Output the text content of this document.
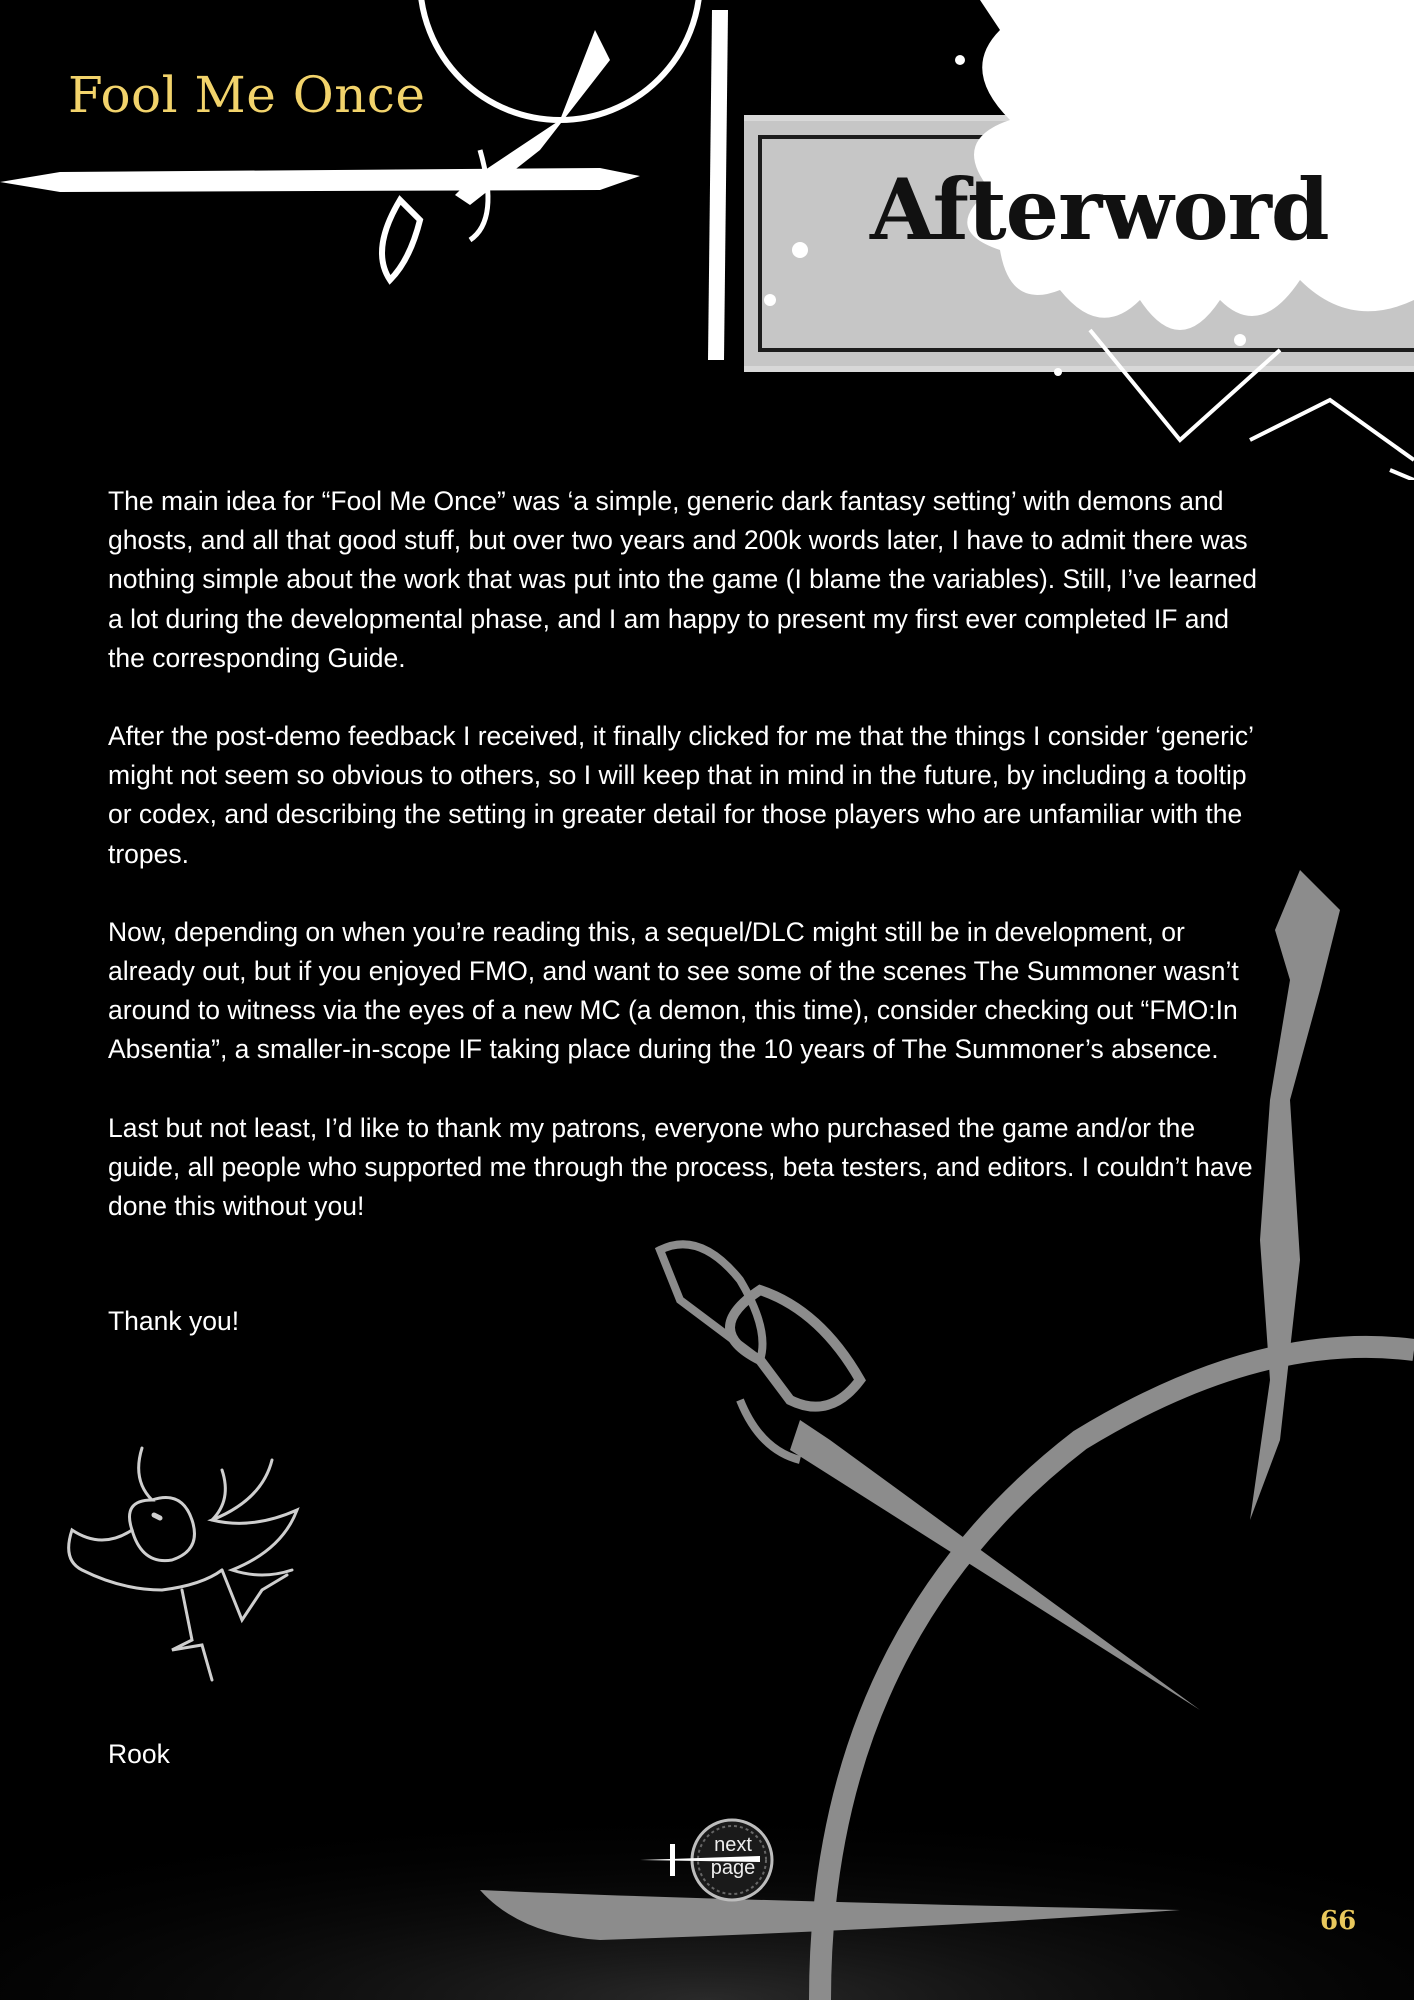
Fool Me Once
Afterword

The main idea for “Fool Me Once” was ‘a simple, generic dark fantasy setting’ with demons and ghosts, and all that good stuff, but over two years and 200k words later, I have to admit there was nothing simple about the work that was put into the game (I blame the variables). Still, I’ve learned a lot during the developmental phase, and I am happy to present my first ever completed IF and the corresponding Guide.

After the post-demo feedback I received, it finally clicked for me that the things I consider ‘generic’ might not seem so obvious to others, so I will keep that in mind in the future, by including a tooltip or codex, and describing the setting in greater detail for those players who are unfamiliar with the tropes.

Now, depending on when you’re reading this, a sequel/DLC might still be in development, or already out, but if you enjoyed FMO, and want to see some of the scenes The Summoner wasn’t around to witness via the eyes of a new MC (a demon, this time), consider checking out “FMO:In Absentia”, a smaller-in-scope IF taking place during the 10 years of The Summoner’s absence.

Last but not least, I’d like to thank my patrons, everyone who purchased the game and/or the guide, all people who supported me through the process, beta testers, and editors. I couldn’t have done this without you!

Thank you!
Rook
next
page
66
